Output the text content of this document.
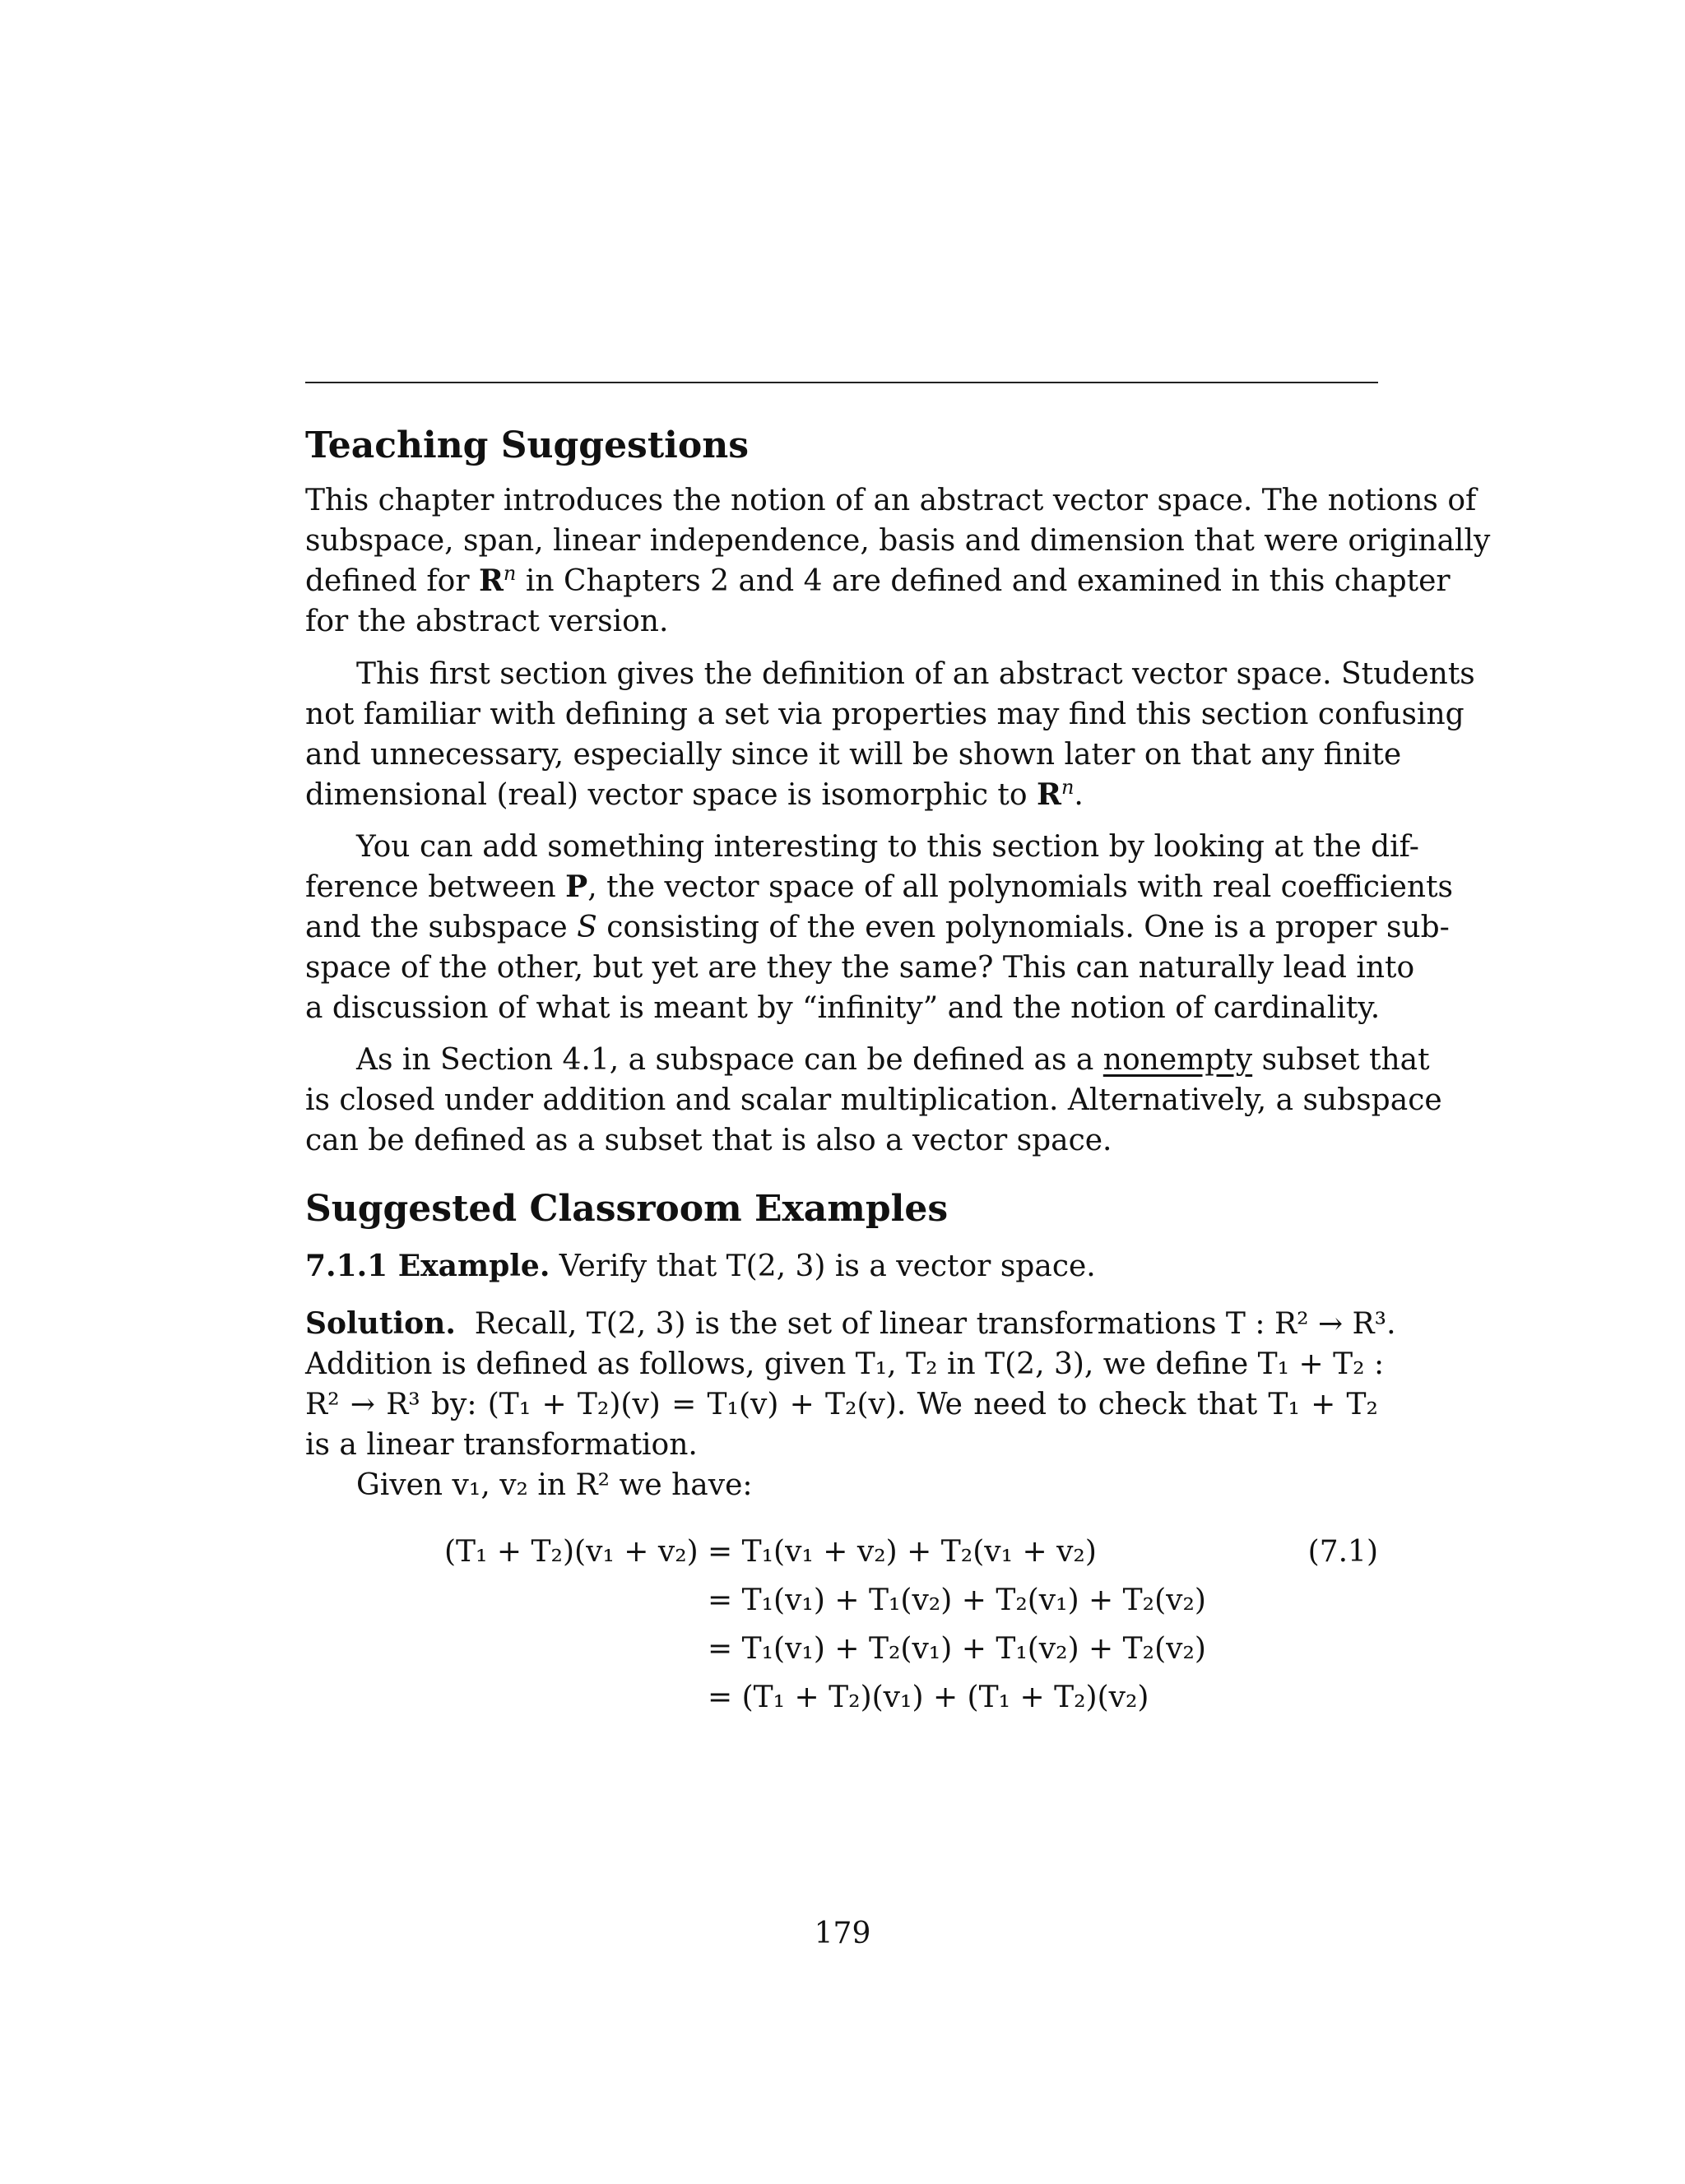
Teaching Suggestions
This chapter introduces the notion of an abstract vector space. The notions of
subspace, span, linear independence, basis and dimension that were originally
defined for $R^n$ in Chapters 2 and 4 are defined and examined in this chapter
for the abstract version.
This first section gives the definition of an abstract vector space. Students
not familiar with defining a set via properties may find this section confusing
and unnecessary, especially since it will be shown later on that any finite
dimensional (real) vector space is isomorphic to $R^n$.
You can add something interesting to this section by looking at the dif-
ference between P, the vector space of all polynomials with real coefficients
and the subspace S consisting of the even polynomials. One is a proper sub-
space of the other, but yet are they the same? This can naturally lead into
a discussion of what is meant by “infinity” and the notion of cardinality.
As in Section 4.1, a subspace can be defined as a nonempty subset that
is closed under addition and scalar multiplication. Alternatively, a subspace
can be defined as a subset that is also a vector space.
Suggested Classroom Examples
7.1.1 Example. Verify that T(2, 3) is a vector space.
Solution. Recall, T(2, 3) is the set of linear transformations T : R² → R³.
Addition is defined as follows, given T₁, T₂ in T(2, 3), we define T₁ + T₂ :
R² → R³ by: (T₁ + T₂)(v) = T₁(v) + T₂(v). We need to check that T₁ + T₂
is a linear transformation.
Given v₁, v₂ in R² we have:
(T₁ + T₂)(v₁ + v₂) = T₁(v₁ + v₂) + T₂(v₁ + v₂)
= T₁(v₁) + T₁(v₂) + T₂(v₁) + T₂(v₂)
= T₁(v₁) + T₂(v₁) + T₁(v₂) + T₂(v₂)
= (T₁ + T₂)(v₁) + (T₁ + T₂)(v₂)
(7.1)
179
